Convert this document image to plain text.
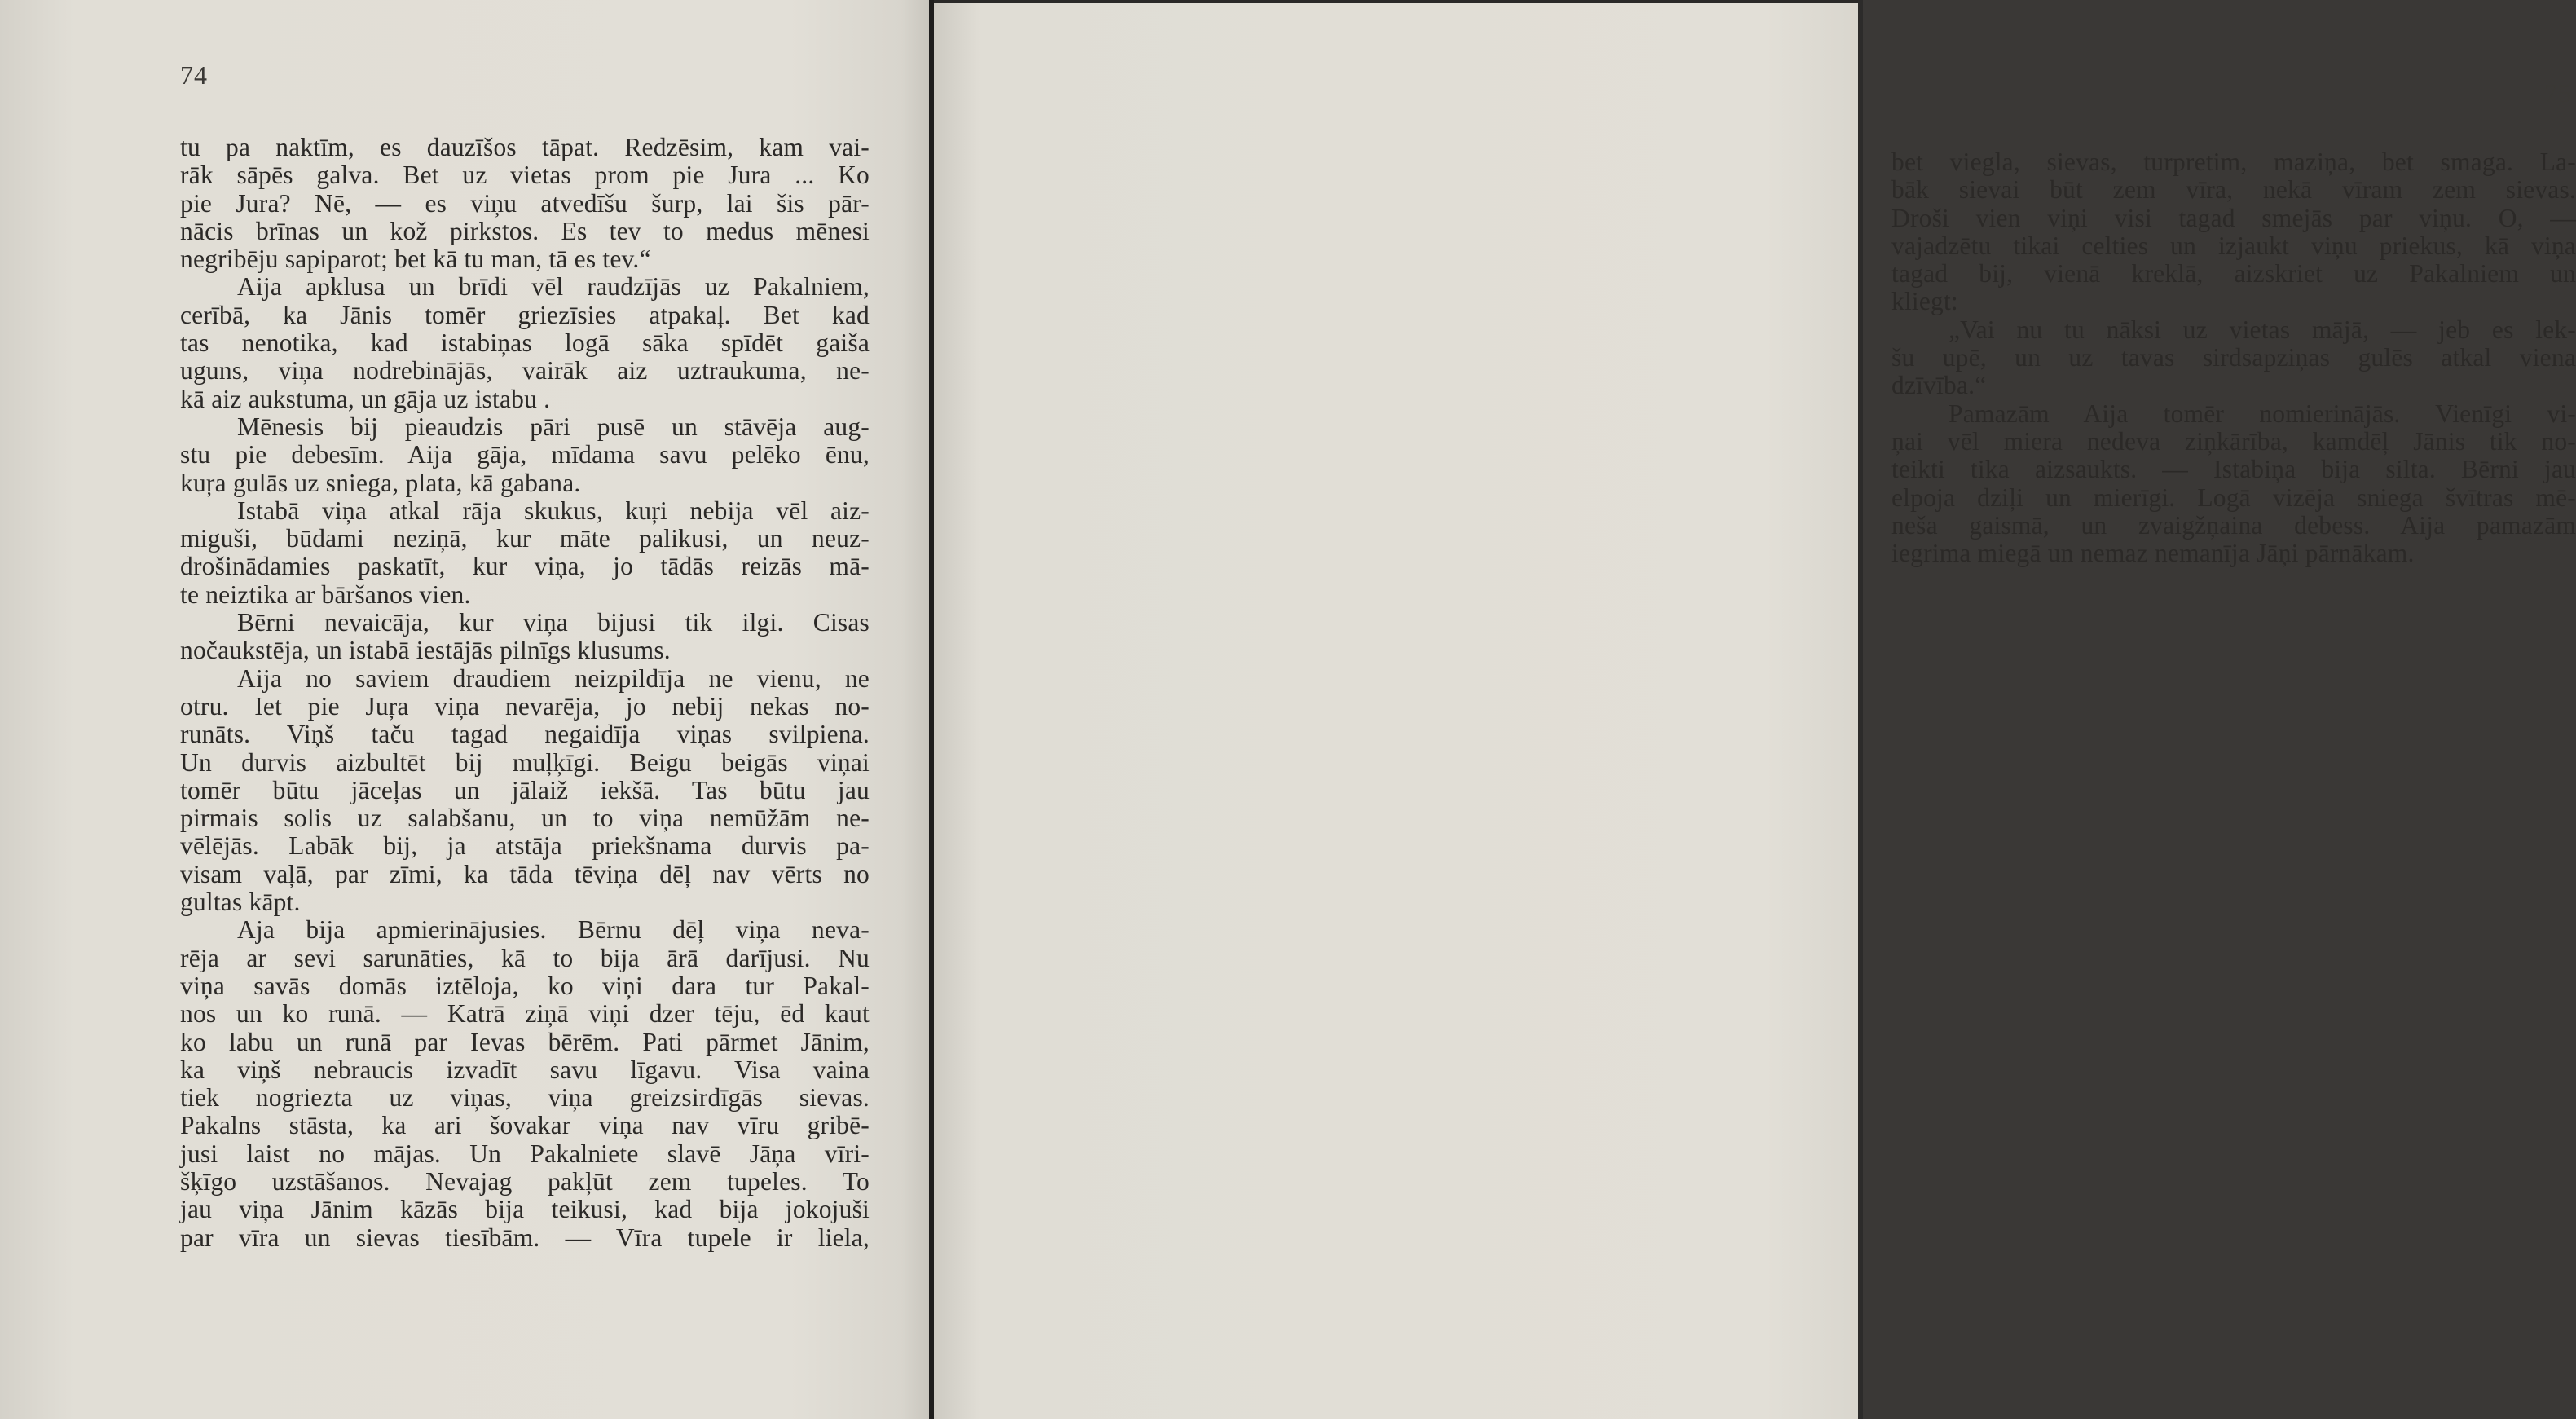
74
tu pa naktīm, es dauzīšos tāpat. Redzēsim, kam vai-
rāk sāpēs galva. Bet uz vietas prom pie Jura ... Ko
pie Jura? Nē, — es viņu atvedīšu šurp, lai šis pār-
nācis brīnas un kož pirkstos. Es tev to medus mēnesi
negribēju sapiparot; bet kā tu man, tā es tev.“
Aija apklusa un brīdi vēl raudzījās uz Pakalniem,
cerībā, ka Jānis tomēr griezīsies atpakaļ. Bet kad
tas nenotika, kad istabiņas logā sāka spīdēt gaiša
uguns, viņa nodrebinājās, vairāk aiz uztraukuma, ne-
kā aiz aukstuma, un gāja uz istabu .
Mēnesis bij pieaudzis pāri pusē un stāvēja aug-
stu pie debesīm. Aija gāja, mīdama savu pelēko ēnu,
kuŗa gulās uz sniega, plata, kā gabana.
Istabā viņa atkal rāja skukus, kuŗi nebija vēl aiz-
miguši, būdami neziņā, kur māte palikusi, un neuz-
drošinādamies paskatīt, kur viņa, jo tādās reizās mā-
te neiztika ar bāršanos vien.
Bērni nevaicāja, kur viņa bijusi tik ilgi. Cisas
nočaukstēja, un istabā iestājās pilnīgs klusums.
Aija no saviem draudiem neizpildīja ne vienu, ne
otru. Iet pie Juŗa viņa nevarēja, jo nebij nekas no-
runāts. Viņš taču tagad negaidīja viņas svilpiena.
Un durvis aizbultēt bij muļķīgi. Beigu beigās viņai
tomēr būtu jāceļas un jālaiž iekšā. Tas būtu jau
pirmais solis uz salabšanu, un to viņa nemūžām ne-
vēlējās. Labāk bij, ja atstāja priekšnama durvis pa-
visam vaļā, par zīmi, ka tāda tēviņa dēļ nav vērts no
gultas kāpt.
Aja bija apmierinājusies. Bērnu dēļ viņa neva-
rēja ar sevi sarunāties, kā to bija ārā darījusi. Nu
viņa savās domās iztēloja, ko viņi dara tur Pakal-
nos un ko runā. — Katrā ziņā viņi dzer tēju, ēd kaut
ko labu un runā par Ievas bērēm. Pati pārmet Jānim,
ka viņš nebraucis izvadīt savu līgavu. Visa vaina
tiek nogriezta uz viņas, viņa greizsirdīgās sievas.
Pakalns stāsta, ka ari šovakar viņa nav vīru gribē-
jusi laist no mājas. Un Pakalniete slavē Jāņa vīri-
šķīgo uzstāšanos. Nevajag pakļūt zem tupeles. To
jau viņa Jānim kāzās bija teikusi, kad bija jokojuši
par vīra un sievas tiesībām. — Vīra tupele ir liela,
75
bet viegla, sievas, turpretim, maziņa, bet smaga. La-
bāk sievai būt zem vīra, nekā vīram zem sievas.
Droši vien viņi visi tagad smejās par viņu. O, —
vajadzētu tikai celties un izjaukt viņu priekus, kā viņa
tagad bij, vienā kreklā, aizskriet uz Pakalniem un
kliegt:
„Vai nu tu nāksi uz vietas mājā, — jeb es lek-
šu upē, un uz tavas sirdsapziņas gulēs atkal viena
dzīvība.“
Pamazām Aija tomēr nomierinājās. Vienīgi vi-
ņai vēl miera nedeva ziņkārība, kamdēļ Jānis tik no-
teikti tika aizsaukts. — Istabiņa bija silta. Bērni jau
elpoja dziļi un mierīgi. Logā vizēja sniega švītras mē-
neša gaismā, un zvaigžņaina debess. Aija pamazām
iegrima miegā un nemaz nemanīja Jāņi pārnākam.
